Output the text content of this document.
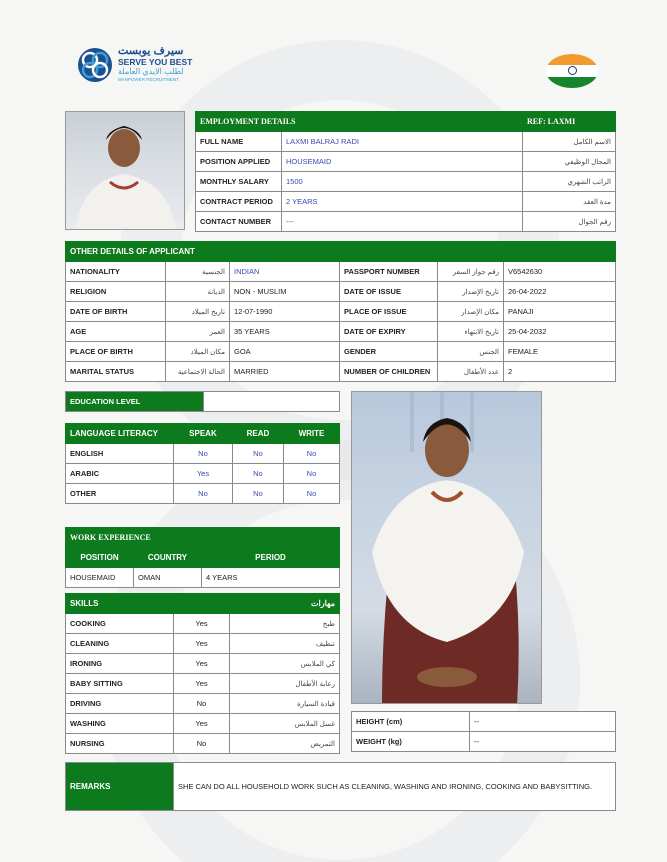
سيرف يوبست
SERVE YOU BEST
لطلب الايدي العاملة
MANPOWER RECRUITMENT
EMPLOYMENT DETAILS		REF: LAXMI
FULL NAME	LAXMI BALRAJ RADI	الاسم الكامل
POSITION APPLIED	HOUSEMAID	المجال الوظيفي
MONTHLY SALARY	1500	الراتب الشهري
CONTRACT PERIOD	2 YEARS	مدة العقد
CONTACT NUMBER	---	رقم الجوال
OTHER DETAILS OF APPLICANT					
NATIONALITY	الجنسية	INDIAN	PASSPORT NUMBER	رقم جواز السفر	V6542630
RELIGION	الديانة	NON - MUSLIM	DATE OF ISSUE	تاريخ الإصدار	26-04-2022
DATE OF BIRTH	تاريخ الميلاد	12-07-1990	PLACE OF ISSUE	مكان الإصدار	PANAJI
AGE	العمر	35 YEARS	DATE OF EXPIRY	تاريخ الانتهاء	25-04-2032
PLACE OF BIRTH	مكان الميلاد	GOA	GENDER	الجنس	FEMALE
MARITAL STATUS	الحالة الاجتماعية	MARRIED	NUMBER OF CHILDREN	عدد الأطفال	2
EDUCATION LEVEL	
LANGUAGE LITERACY	SPEAK	READ	WRITE
ENGLISH	No	No	No
ARABIC	Yes	No	No
OTHER	No	No	No
WORK EXPERIENCE		
POSITION	COUNTRY	PERIOD
HOUSEMAID	OMAN	4 YEARS
SKILLS		مهارات
COOKING	Yes	طبخ
CLEANING	Yes	تنظيف
IRONING	Yes	كي الملابس
BABY SITTING	Yes	رعاية الأطفال
DRIVING	No	قيادة السيارة
WASHING	Yes	غسل الملابس
NURSING	No	التمريض
HEIGHT (cm)	--
WEIGHT (kg)	--
REMARKS	SHE CAN DO ALL HOUSEHOLD WORK SUCH AS CLEANING, WASHING AND IRONING, COOKING AND BABYSITTING.
